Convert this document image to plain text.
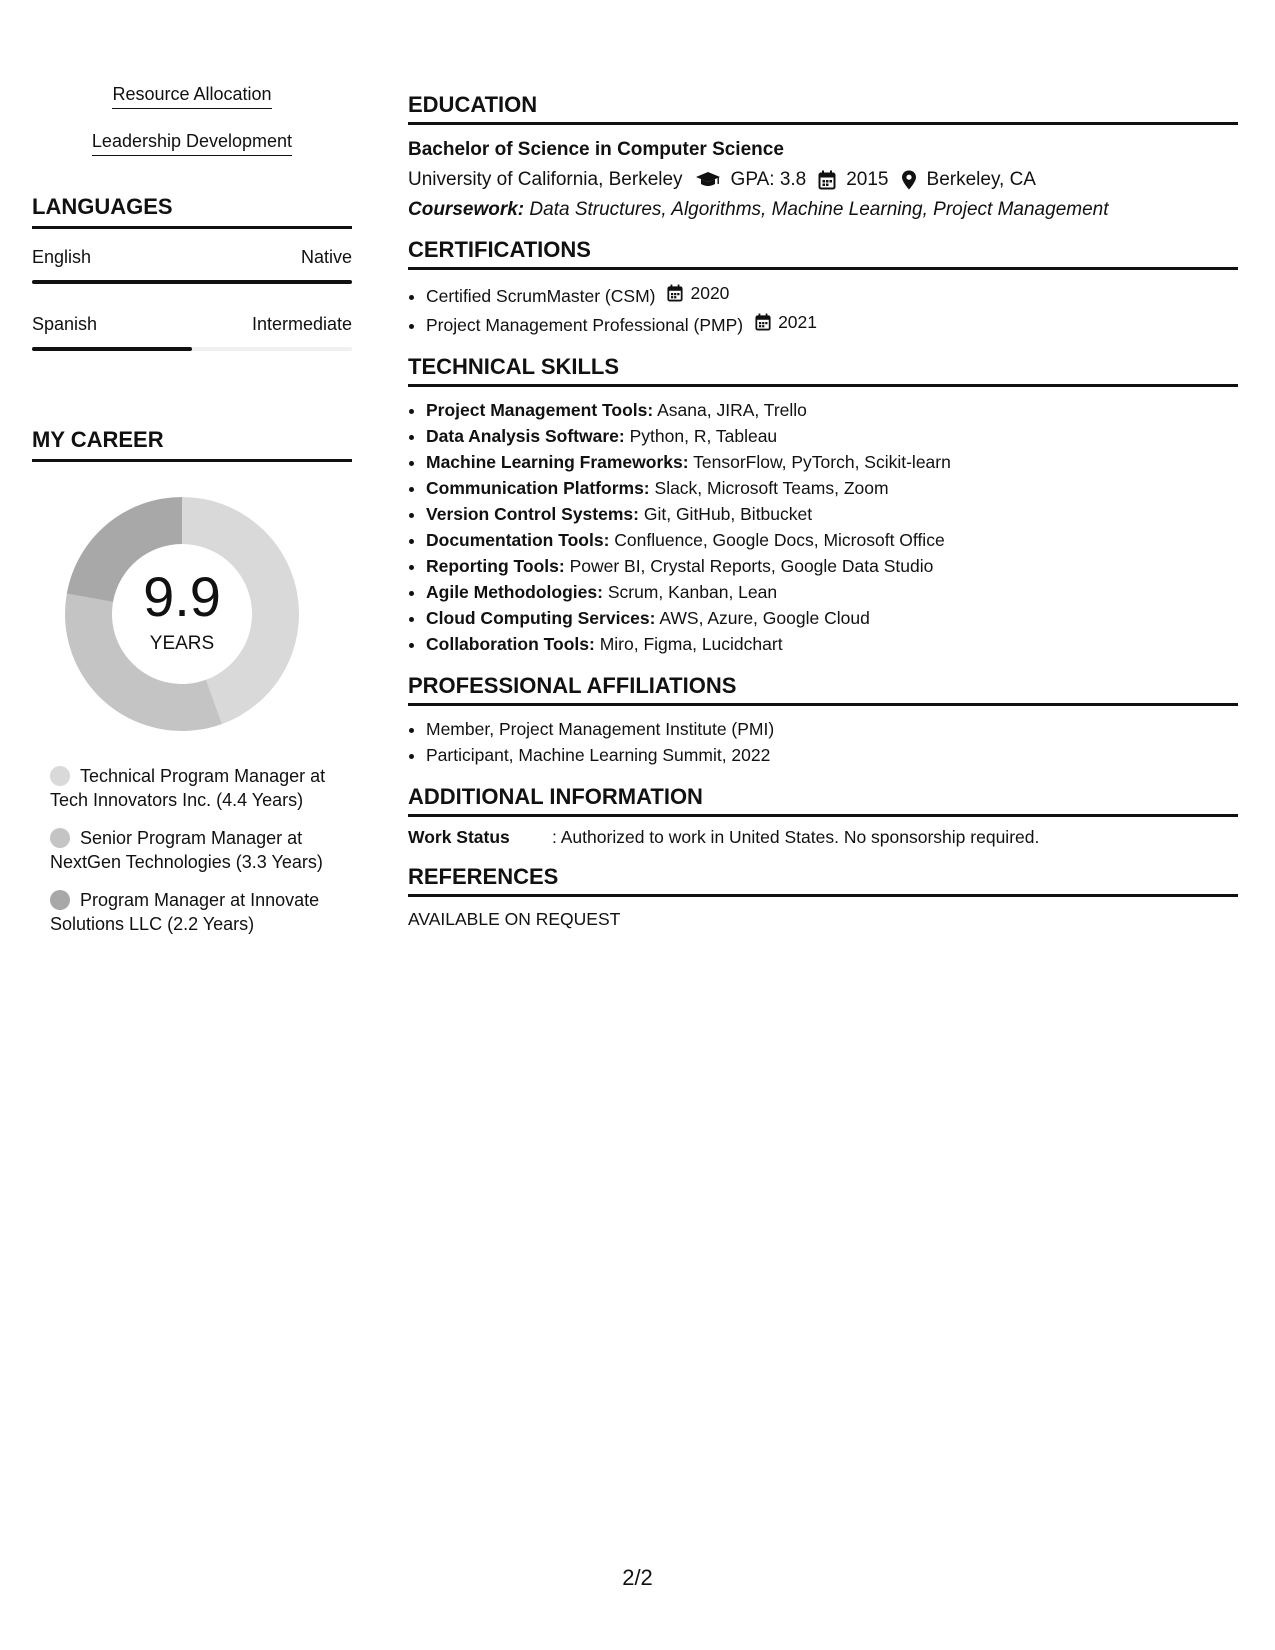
Resource Allocation
Leadership Development
LANGUAGES
English	Native
Spanish	Intermediate
MY CAREER
9.9
YEARS
Technical Program Manager at Tech Innovators Inc. (4.4 Years)
Senior Program Manager at NextGen Technologies (3.3 Years)
Program Manager at Innovate Solutions LLC (2.2 Years)
EDUCATION
Bachelor of Science in Computer Science
University of California, Berkeley	GPA: 3.8 2015 Berkeley, CA
Coursework: Data Structures, Algorithms, Machine Learning, Project Management
CERTIFICATIONS
• Certified ScrumMaster (CSM) 2020
• Project Management Professional (PMP) 2021
TECHNICAL SKILLS
• Project Management Tools: Asana, JIRA, Trello
• Data Analysis Software: Python, R, Tableau
• Machine Learning Frameworks: TensorFlow, PyTorch, Scikit-learn
• Communication Platforms: Slack, Microsoft Teams, Zoom
• Version Control Systems: Git, GitHub, Bitbucket
• Documentation Tools: Confluence, Google Docs, Microsoft Office
• Reporting Tools: Power BI, Crystal Reports, Google Data Studio
• Agile Methodologies: Scrum, Kanban, Lean
• Cloud Computing Services: AWS, Azure, Google Cloud
• Collaboration Tools: Miro, Figma, Lucidchart
PROFESSIONAL AFFILIATIONS
• Member, Project Management Institute (PMI)
• Participant, Machine Learning Summit, 2022
ADDITIONAL INFORMATION
Work Status	: Authorized to work in United States. No sponsorship required.
REFERENCES
AVAILABLE ON REQUEST
2/2
